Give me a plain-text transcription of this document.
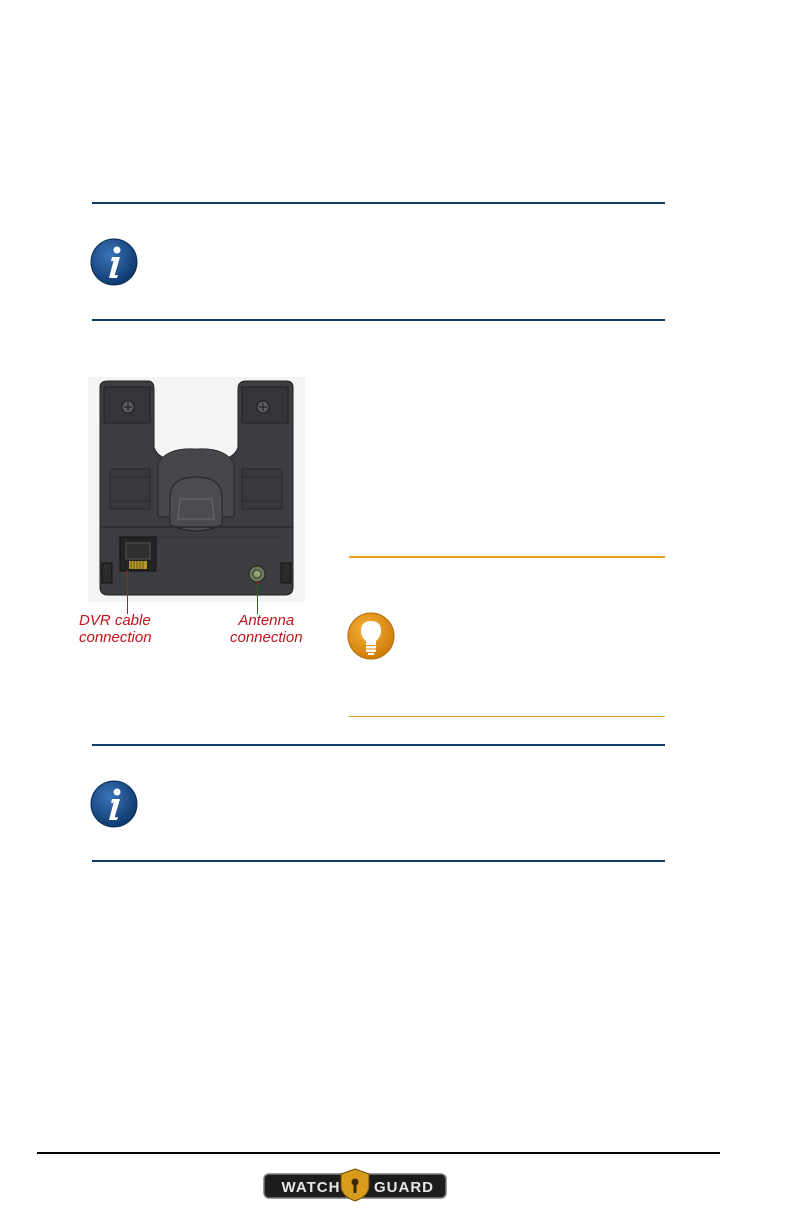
DVR cable
connection
Antenna
connection
WATCH GUARD
